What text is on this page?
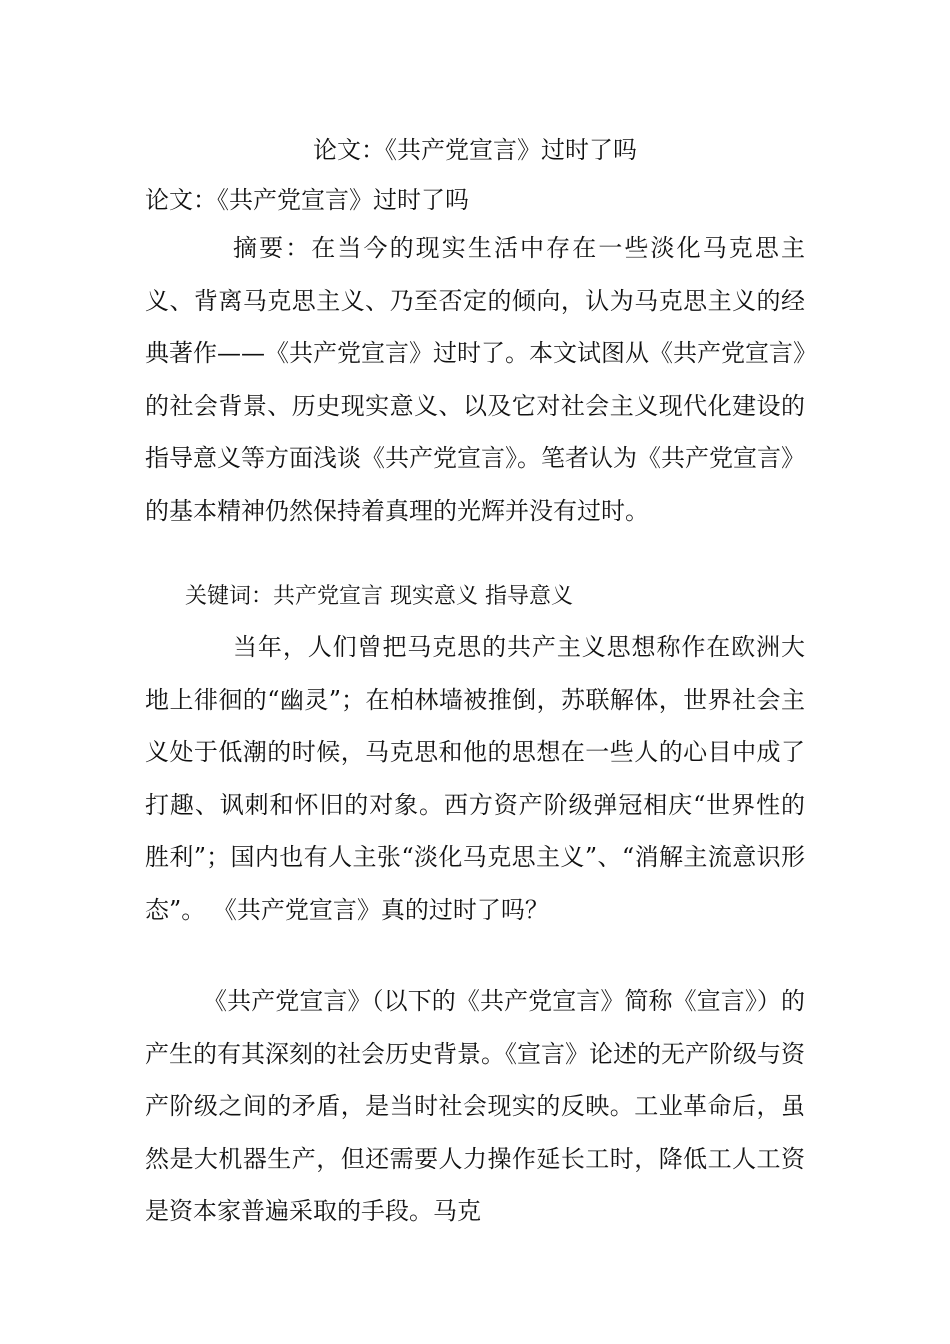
论文：《共产党宣言》过时了吗
论文：《共产党宣言》过时了吗

摘要：在当今的现实生活中存在一些淡化马克思主义、背离马克思主义、乃至否定的倾向，认为马克思主义的经典著作——《共产党宣言》过时了。本文试图从《共产党宣言》的社会背景、历史现实意义、以及它对社会主义现代化建设的指导意义等方面浅谈《共产党宣言》。笔者认为《共产党宣言》的基本精神仍然保持着真理的光辉并没有过时。

关键词：共产党宣言 现实意义 指导意义

当年，人们曾把马克思的共产主义思想称作在欧洲大地上徘徊的“幽灵”；在柏林墙被推倒，苏联解体，世界社会主义处于低潮的时候，马克思和他的思想在一些人的心目中成了打趣、讽刺和怀旧的对象。西方资产阶级弹冠相庆“世界性的胜利”；国内也有人主张“淡化马克思主义”、“消解主流意识形态”。 《共产党宣言》真的过时了吗？

《共产党宣言》（以下的《共产党宣言》简称《宣言》）的产生的有其深刻的社会历史背景。《宣言》论述的无产阶级与资产阶级之间的矛盾，是当时社会现实的反映。工业革命后，虽然是大机器生产，但还需要人力操作延长工时，降低工人工资是资本家普遍采取的手段。马克
